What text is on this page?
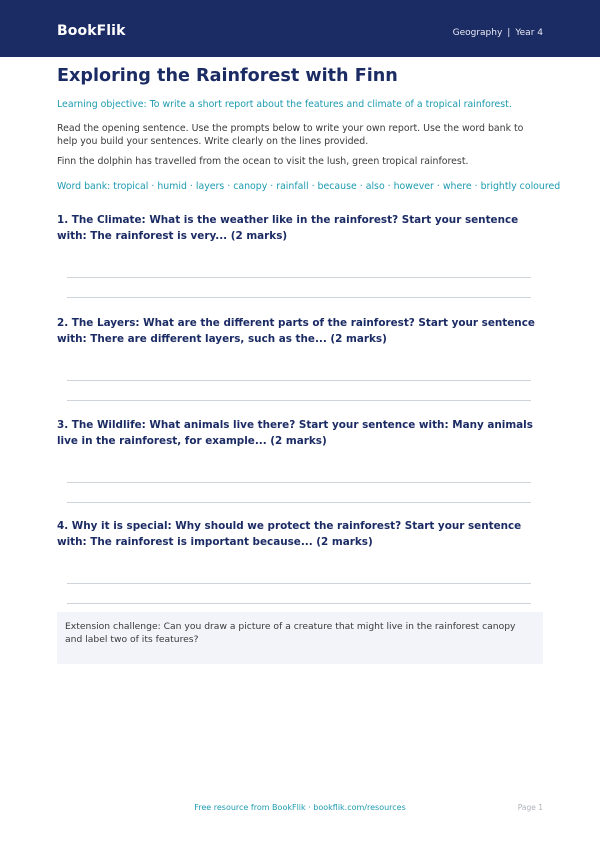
BookFlik	Geography | Year 4
Exploring the Rainforest with Finn
Learning objective: To write a short report about the features and climate of a tropical rainforest.
Read the opening sentence. Use the prompts below to write your own report. Use the word bank to help you build your sentences. Write clearly on the lines provided.
Finn the dolphin has travelled from the ocean to visit the lush, green tropical rainforest.
Word bank: tropical · humid · layers · canopy · rainfall · because · also · however · where · brightly coloured
1. The Climate: What is the weather like in the rainforest? Start your sentence with: The rainforest is very... (2 marks)
2. The Layers: What are the different parts of the rainforest? Start your sentence with: There are different layers, such as the... (2 marks)
3. The Wildlife: What animals live there? Start your sentence with: Many animals live in the rainforest, for example... (2 marks)
4. Why it is special: Why should we protect the rainforest? Start your sentence with: The rainforest is important because... (2 marks)
Extension challenge: Can you draw a picture of a creature that might live in the rainforest canopy and label two of its features?
Free resource from BookFlik · bookflik.com/resources	Page 1
